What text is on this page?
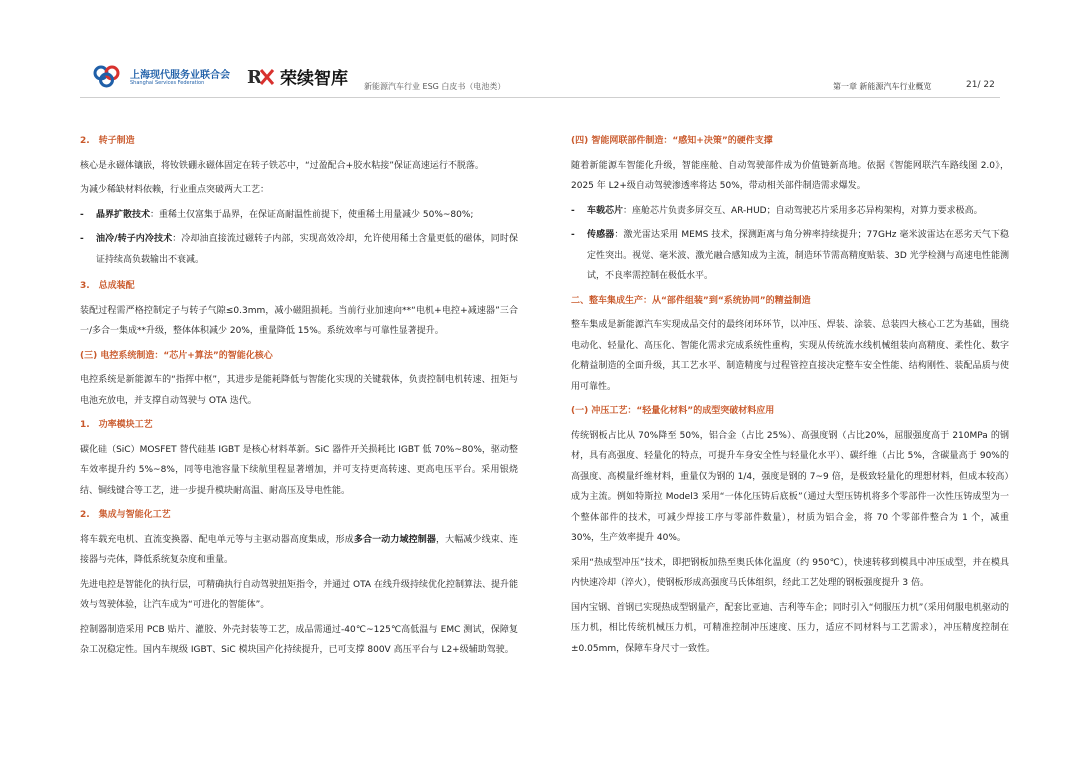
上海现代服务业联合会
Shanghai Services Federation R 荣续智库 新能源汽车行业 ESG 白皮书（电池类）	第一章 新能源汽车行业概览	21/ 22

2.　转子制造

核心是永磁体镶嵌，将钕铁硼永磁体固定在转子铁芯中，“过盈配合+胶水粘接”保证高速运行不脱落。

为减少稀缺材料依赖，行业重点突破两大工艺：

-	晶界扩散技术：重稀土仅富集于晶界，在保证高耐温性前提下，使重稀土用量减少 50%~80%;
-	油冷/转子内冷技术：冷却油直接流过磁转子内部，实现高效冷却，允许使用稀土含量更低的磁体，同时保证持续高负载输出不衰减。

3.　总成装配

装配过程需严格控制定子与转子气隙≤0.3mm，减小磁阻损耗。当前行业加速向**“电机+电控+减速器”三合一/多合一集成**升级，整体体积减少 20%，重量降低 15%。系统效率与可靠性显著提升。

(三) 电控系统制造：“芯片+算法”的智能化核心

电控系统是新能源车的“指挥中枢”，其进步是能耗降低与智能化实现的关键载体，负责控制电机转速、扭矩与电池充放电，并支撑自动驾驶与 OTA 迭代。

1.　功率模块工艺

碳化硅（SiC）MOSFET 替代硅基 IGBT 是核心材料革新。SiC 器件开关损耗比 IGBT 低 70%~80%，驱动整车效率提升约 5%~8%，同等电池容量下续航里程显著增加，并可支持更高转速、更高电压平台。采用银烧结、铜线键合等工艺，进一步提升模块耐高温、耐高压及导电性能。

2.　集成与智能化工艺

将车载充电机、直流变换器、配电单元等与主驱动器高度集成，形成多合一动力域控制器，大幅减少线束、连接器与壳体，降低系统复杂度和重量。

先进电控是智能化的执行层，可精确执行自动驾驶扭矩指令，并通过 OTA 在线升级持续优化控制算法、提升能效与驾驶体验，让汽车成为“可进化的智能体”。

控制器制造采用 PCB 贴片、灌胶、外壳封装等工艺，成品需通过-40℃~125℃高低温与 EMC 测试，保障复杂工况稳定性。国内车规级 IGBT、SiC 模块国产化持续提升，已可支撑 800V 高压平台与 L2+级辅助驾驶。

(四) 智能网联部件制造：“感知+决策”的硬件支撑

随着新能源车智能化升级，智能座舱、自动驾驶部件成为价值链新高地。依据《智能网联汽车路线图 2.0》，2025 年 L2+级自动驾驶渗透率将达 50%，带动相关部件制造需求爆发。

-	车载芯片：座舱芯片负责多屏交互、AR-HUD；自动驾驶芯片采用多芯异构架构，对算力要求极高。
-	传感器：激光雷达采用 MEMS 技术，探测距离与角分辨率持续提升；77GHz 毫米波雷达在恶劣天气下稳定性突出。视觉、毫米波、激光融合感知成为主流，制造环节需高精度贴装、3D 光学检测与高速电性能测试，不良率需控制在极低水平。

二、整车集成生产：从“部件组装”到“系统协同”的精益制造

整车集成是新能源汽车实现成品交付的最终闭环环节，以冲压、焊装、涂装、总装四大核心工艺为基础，围绕电动化、轻量化、高压化、智能化需求完成系统性重构，实现从传统流水线机械组装向高精度、柔性化、数字化精益制造的全面升级，其工艺水平、制造精度与过程管控直接决定整车安全性能、结构刚性、装配品质与使用可靠性。

(一) 冲压工艺：“轻量化材料”的成型突破材料应用

传统钢板占比从 70%降至 50%，铝合金（占比 25%）、高强度钢（占比20%，屈服强度高于 210MPa 的钢材，具有高强度、轻量化的特点，可提升车身安全性与轻量化水平）、碳纤维（占比 5%，含碳量高于 90%的高强度、高模量纤维材料，重量仅为钢的 1/4，强度是钢的 7~9 倍，是极致轻量化的理想材料，但成本较高）成为主流。例如特斯拉 Model3 采用“一体化压铸后底板”（通过大型压铸机将多个零部件一次性压铸成型为一个整体部件的技术，可减少焊接工序与零部件数量），材质为铝合金，将 70 个零部件整合为 1 个，减重 30%，生产效率提升 40%。

采用“热成型冲压”技术，即把钢板加热至奥氏体化温度（约 950℃），快速转移到模具中冲压成型，并在模具内快速冷却（淬火），使钢板形成高强度马氏体组织，经此工艺处理的钢板强度提升 3 倍。

国内宝钢、首钢已实现热成型钢量产，配套比亚迪、吉利等车企；同时引入“伺服压力机”（采用伺服电机驱动的压力机，相比传统机械压力机，可精准控制冲压速度、压力，适应不同材料与工艺需求），冲压精度控制在±0.05mm，保障车身尺寸一致性。
